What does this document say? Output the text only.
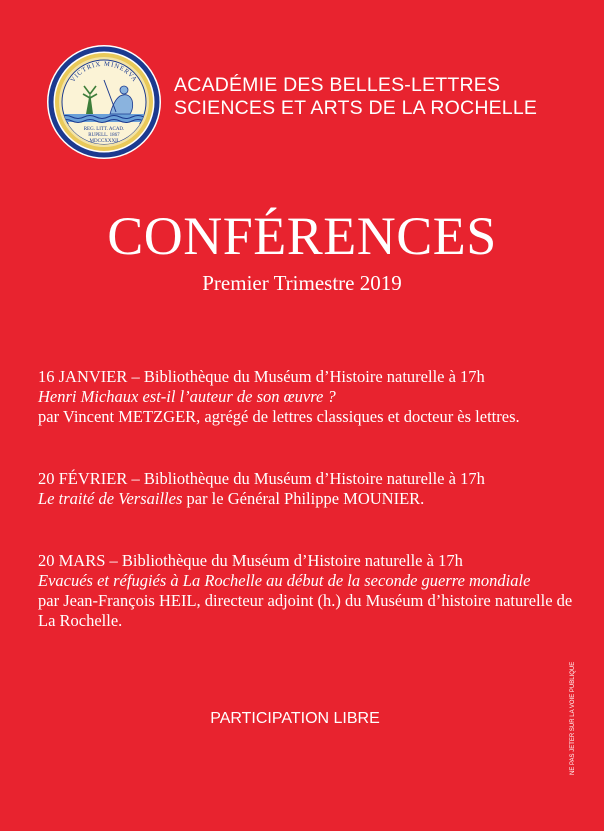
VICTRIX MINERVA
REG. LITT. ACAD.
RUPELL. 1867
MDCCXXXII
ACADÉMIE DES BELLES-LETTRES
SCIENCES ET ARTS DE LA ROCHELLE
CONFÉRENCES
Premier Trimestre 2019
16 JANVIER – Bibliothèque du Muséum d’Histoire naturelle à 17h
Henri Michaux est-il l’auteur de son œuvre ?
par Vincent METZGER, agrégé de lettres classiques et docteur ès lettres.
20 FÉVRIER – Bibliothèque du Muséum d’Histoire naturelle à 17h
Le traité de Versailles par le Général Philippe MOUNIER.
20 MARS – Bibliothèque du Muséum d’Histoire naturelle à 17h
Evacués et réfugiés à La Rochelle au début de la seconde guerre mondiale
par Jean-François HEIL, directeur adjoint (h.) du Muséum d’histoire naturelle de La Rochelle.
PARTICIPATION LIBRE	NE PAS JETER SUR LA VOIE PUBLIQUE
